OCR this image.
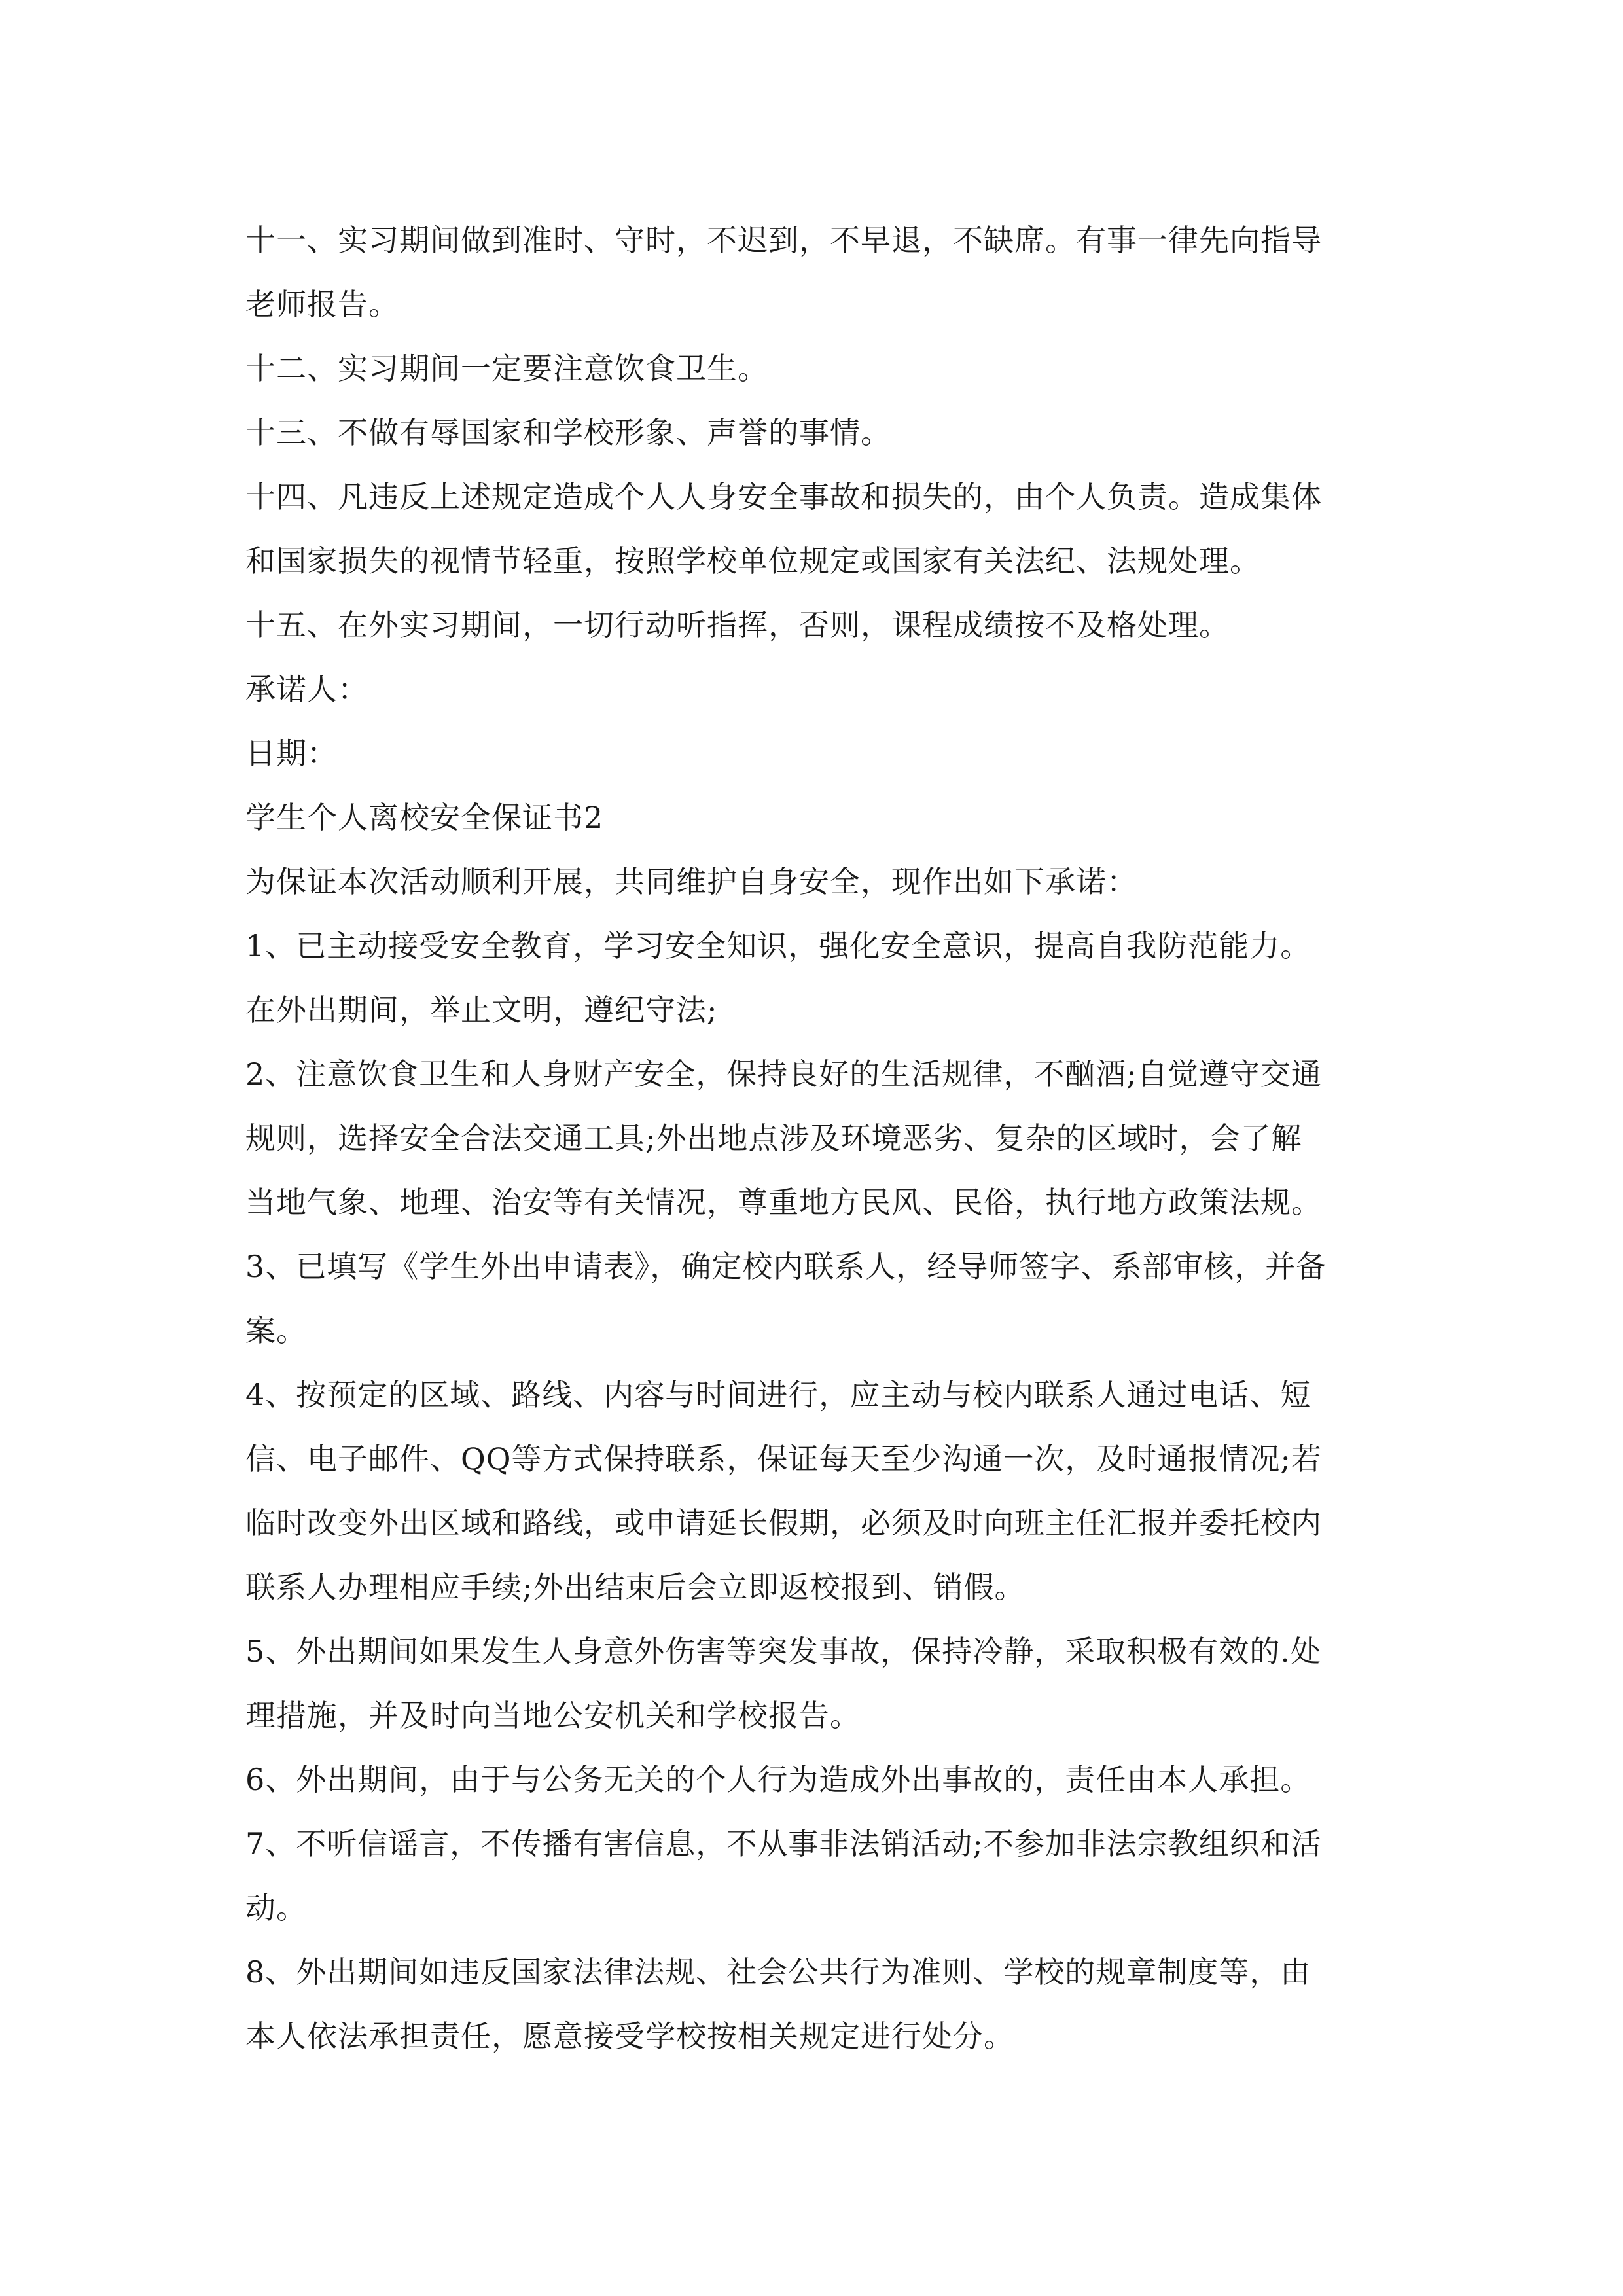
十一、实习期间做到准时、守时，不迟到，不早退，不缺席。有事一律先向指导
老师报告。
十二、实习期间一定要注意饮食卫生。
十三、不做有辱国家和学校形象、声誉的事情。
十四、凡违反上述规定造成个人人身安全事故和损失的，由个人负责。造成集体
和国家损失的视情节轻重，按照学校单位规定或国家有关法纪、法规处理。
十五、在外实习期间，一切行动听指挥，否则，课程成绩按不及格处理。
承诺人：
日期：
学生个人离校安全保证书2
为保证本次活动顺利开展，共同维护自身安全，现作出如下承诺：
1、已主动接受安全教育，学习安全知识，强化安全意识，提高自我防范能力。
在外出期间，举止文明，遵纪守法;
2、注意饮食卫生和人身财产安全，保持良好的生活规律，不酗酒;自觉遵守交通
规则，选择安全合法交通工具;外出地点涉及环境恶劣、复杂的区域时，会了解
当地气象、地理、治安等有关情况，尊重地方民风、民俗，执行地方政策法规。
3、已填写《学生外出申请表》，确定校内联系人，经导师签字、系部审核，并备
案。
4、按预定的区域、路线、内容与时间进行，应主动与校内联系人通过电话、短
信、电子邮件、QQ等方式保持联系，保证每天至少沟通一次，及时通报情况;若
临时改变外出区域和路线，或申请延长假期，必须及时向班主任汇报并委托校内
联系人办理相应手续;外出结束后会立即返校报到、销假。
5、外出期间如果发生人身意外伤害等突发事故，保持冷静，采取积极有效的.处
理措施，并及时向当地公安机关和学校报告。
6、外出期间，由于与公务无关的个人行为造成外出事故的，责任由本人承担。
7、不听信谣言，不传播有害信息，不从事非法销活动;不参加非法宗教组织和活
动。
8、外出期间如违反国家法律法规、社会公共行为准则、学校的规章制度等，由
本人依法承担责任，愿意接受学校按相关规定进行处分。
